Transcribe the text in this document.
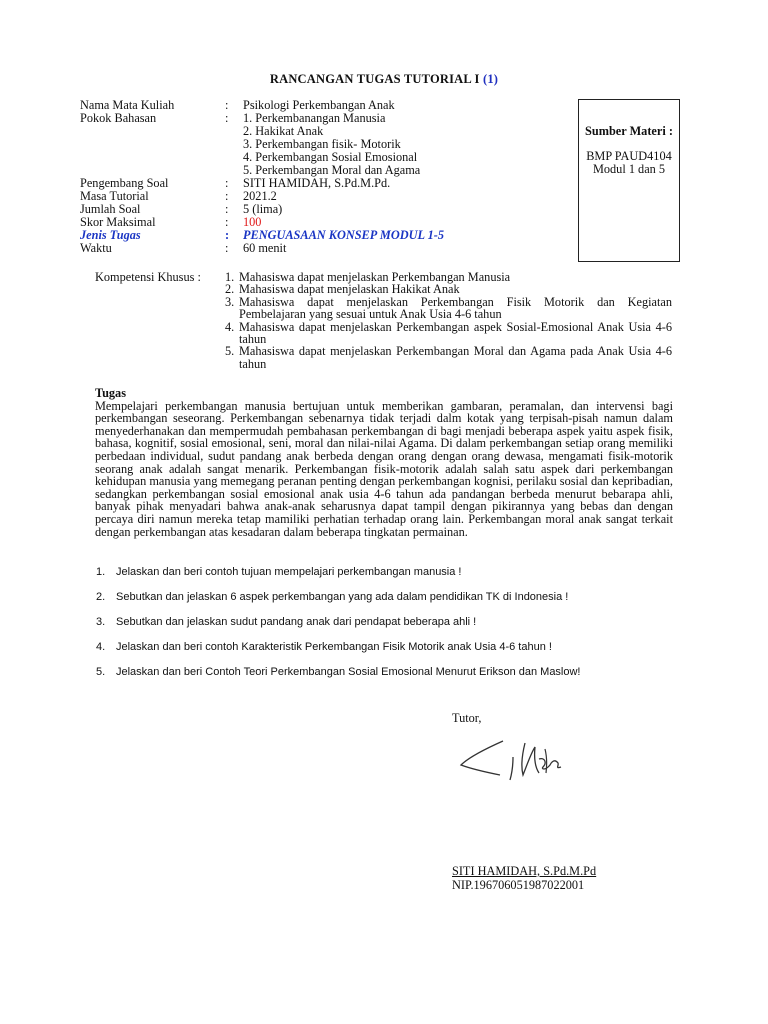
RANCANGAN TUGAS TUTORIAL I (1)
Nama Mata Kuliah	:	Psikologi Perkembangan Anak
Pokok Bahasan	:	1. Perkembanangan Manusia
2. Hakikat Anak
3. Perkembangan fisik- Motorik
4. Perkembangan Sosial Emosional
5. Perkembangan Moral dan Agama
Pengembang Soal	:	SITI HAMIDAH, S.Pd.M.Pd.
Masa Tutorial	:	2021.2
Jumlah Soal	:	5 (lima)
Skor Maksimal	:	100
Jenis Tugas	:	PENGUASAAN KONSEP MODUL 1-5
Waktu	:	60 menit
Sumber Materi :
BMP PAUD4104
Modul 1 dan 5
Kompetensi Khusus : 1. Mahasiswa dapat menjelaskan Perkembangan Manusia
2. Mahasiswa dapat menjelaskan Hakikat Anak
3. Mahasiswa dapat menjelaskan Perkembangan Fisik Motorik dan Kegiatan Pembelajaran yang sesuai untuk Anak Usia 4-6 tahun
4. Mahasiswa dapat menjelaskan Perkembangan aspek Sosial-Emosional Anak Usia 4-6 tahun
5. Mahasiswa dapat menjelaskan Perkembangan Moral dan Agama pada Anak Usia 4-6 tahun
Tugas

Mempelajari perkembangan manusia bertujuan untuk memberikan gambaran, peramalan, dan intervensi bagi perkembangan seseorang. Perkembangan sebenarnya tidak terjadi dalm kotak yang terpisah-pisah namun dalam menyederhanakan dan mempermudah pembahasan perkembangan di bagi menjadi beberapa aspek yaitu aspek fisik, bahasa, kognitif, sosial emosional, seni, moral dan nilai-nilai Agama. Di dalam perkembangan setiap orang memiliki perbedaan individual, sudut pandang anak berbeda dengan orang dengan orang dewasa, mengamati fisik-motorik seorang anak adalah sangat menarik. Perkembangan fisik-motorik adalah salah satu aspek dari perkembangan kehidupan manusia yang memegang peranan penting dengan perkembangan kognisi, perilaku sosial dan kepribadian, sedangkan perkembangan sosial emosional anak usia 4-6 tahun ada pandangan berbeda menurut bebarapa ahli, banyak pihak menyadari bahwa anak-anak seharusnya dapat tampil dengan pikirannya yang bebas dan dengan percaya diri namun mereka tetap mamiliki perhatian terhadap orang lain. Perkembangan moral anak sangat terkait dengan perkembangan atas kesadaran dalam beberapa tingkatan permainan.

1. Jelaskan dan beri contoh tujuan mempelajari perkembangan manusia !
2. Sebutkan dan jelaskan 6 aspek perkembangan yang ada dalam pendidikan TK di Indonesia !
3. Sebutkan dan jelaskan sudut pandang anak dari pendapat beberapa ahli !
4. Jelaskan dan beri contoh Karakteristik Perkembangan Fisik Motorik anak Usia 4-6 tahun !
5. Jelaskan dan beri Contoh Teori Perkembangan Sosial Emosional Menurut Erikson dan Maslow!
Tutor,
SITI HAMIDAH, S.Pd.M.Pd
NIP.196706051987022001
